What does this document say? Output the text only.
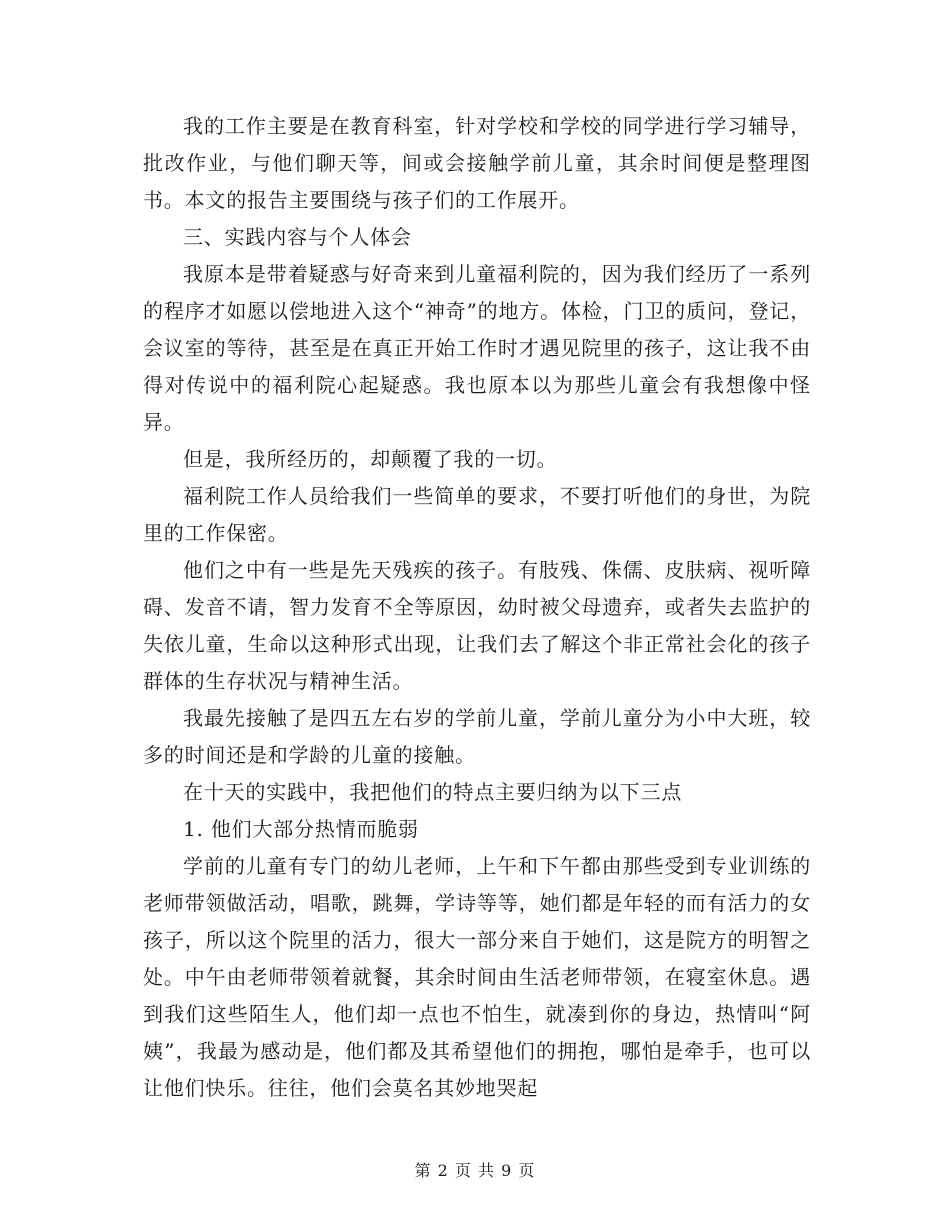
我的工作主要是在教育科室，针对学校和学校的同学进行学习辅导，批改作业，与他们聊天等，间或会接触学前儿童，其余时间便是整理图书。本文的报告主要围绕与孩子们的工作展开。

三、实践内容与个人体会

我原本是带着疑惑与好奇来到儿童福利院的，因为我们经历了一系列的程序才如愿以偿地进入这个“神奇”的地方。体检，门卫的质问，登记，会议室的等待，甚至是在真正开始工作时才遇见院里的孩子，这让我不由得对传说中的福利院心起疑惑。我也原本以为那些儿童会有我想像中怪异。

但是，我所经历的，却颠覆了我的一切。

福利院工作人员给我们一些简单的要求，不要打听他们的身世，为院里的工作保密。

他们之中有一些是先天残疾的孩子。有肢残、侏儒、皮肤病、视听障碍、发音不请，智力发育不全等原因，幼时被父母遗弃，或者失去监护的失依儿童，生命以这种形式出现，让我们去了解这个非正常社会化的孩子群体的生存状况与精神生活。

我最先接触了是四五左右岁的学前儿童，学前儿童分为小中大班，较多的时间还是和学龄的儿童的接触。

在十天的实践中，我把他们的特点主要归纳为以下三点

1. 他们大部分热情而脆弱

学前的儿童有专门的幼儿老师，上午和下午都由那些受到专业训练的老师带领做活动，唱歌，跳舞，学诗等等，她们都是年轻的而有活力的女孩子，所以这个院里的活力，很大一部分来自于她们，这是院方的明智之处。中午由老师带领着就餐，其余时间由生活老师带领，在寝室休息。遇到我们这些陌生人，他们却一点也不怕生，就凑到你的身边，热情叫“阿姨”，我最为感动是，他们都及其希望他们的拥抱，哪怕是牵手，也可以让他们快乐。往往，他们会莫名其妙地哭起

第 2 页 共 9 页
